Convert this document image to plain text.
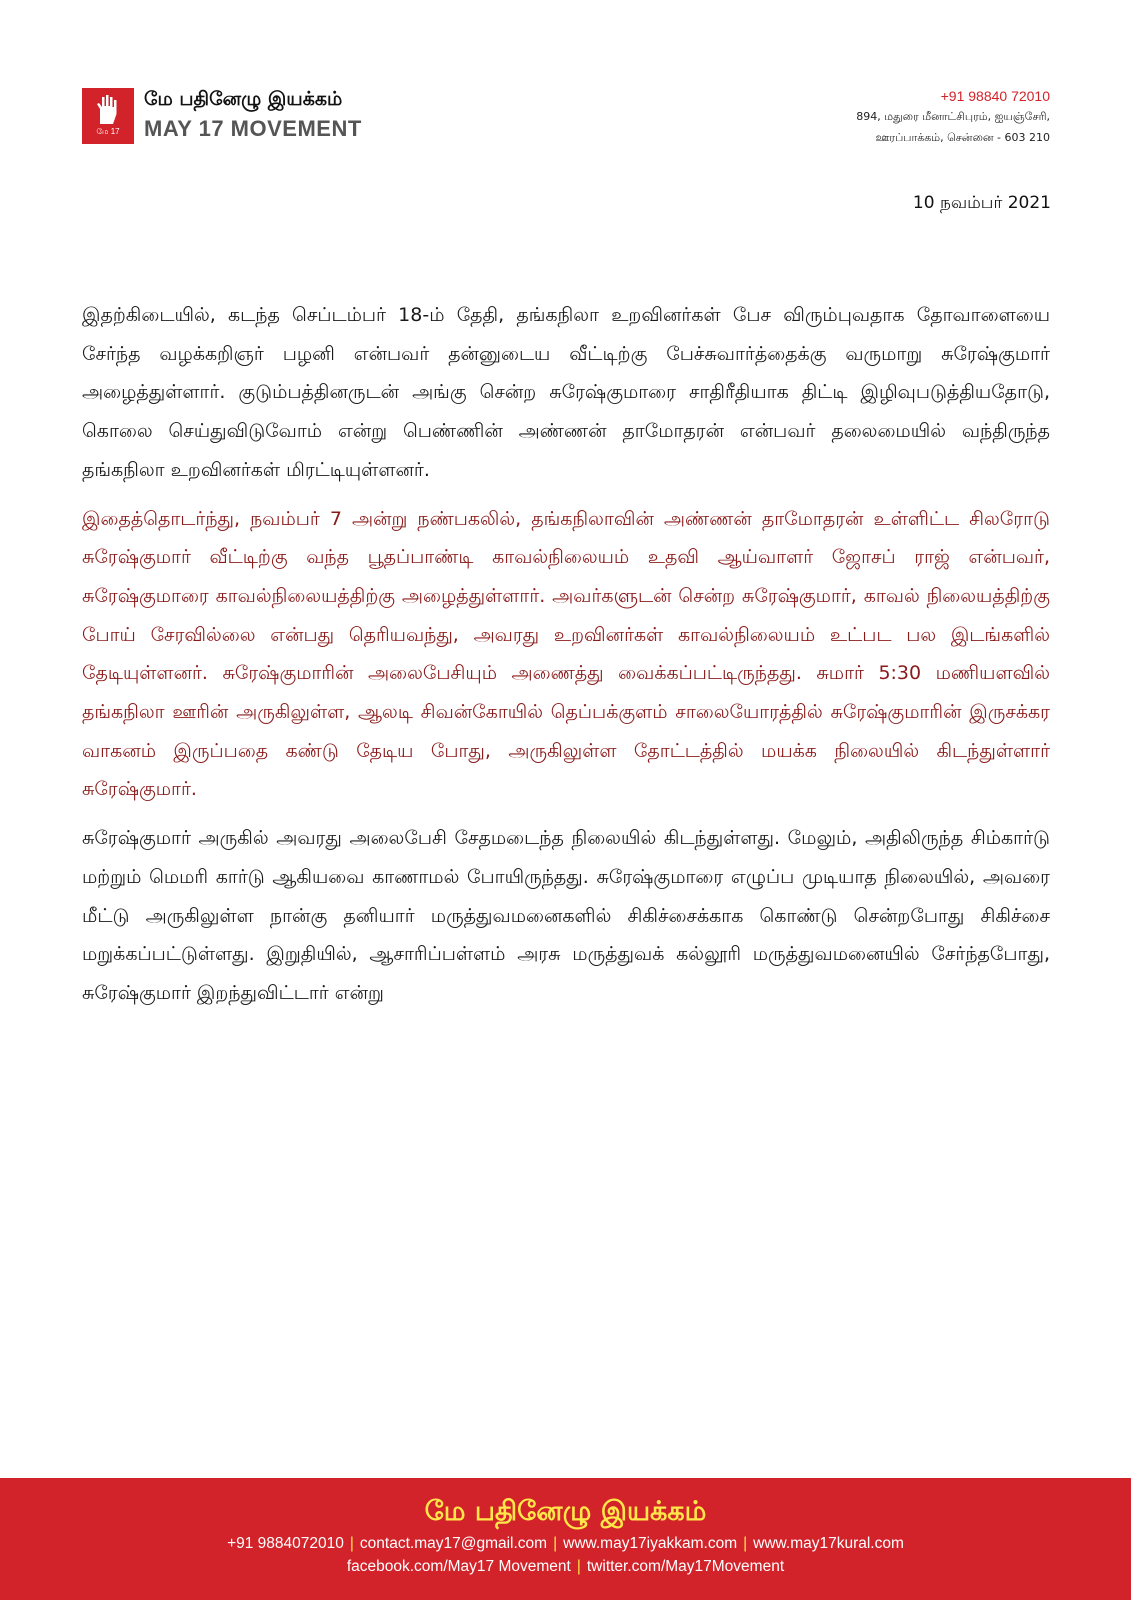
மே 17
மே பதினேழு இயக்கம்
MAY 17 MOVEMENT
+91 98840 72010
894, மதுரை மீனாட்சிபுரம், ஐயஞ்சேரி,
ஊரப்பாக்கம், சென்னை - 603 210
10 நவம்பர் 2021

இதற்கிடையில், கடந்த செப்டம்பர் 18-ம் தேதி, தங்கநிலா உறவினர்கள் பேச விரும்புவதாக தோவாளையை சேர்ந்த வழக்கறிஞர் பழனி என்பவர் தன்னுடைய வீட்டிற்கு பேச்சுவார்த்தைக்கு வருமாறு சுரேஷ்குமார் அழைத்துள்ளார். குடும்பத்தினருடன் அங்கு சென்ற சுரேஷ்குமாரை சாதிரீதியாக திட்டி இழிவுபடுத்தியதோடு, கொலை செய்துவிடுவோம் என்று பெண்ணின் அண்ணன் தாமோதரன் என்பவர் தலைமையில் வந்திருந்த தங்கநிலா உறவினர்கள் மிரட்டியுள்ளனர்.

இதைத்தொடர்ந்து, நவம்பர் 7 அன்று நண்பகலில், தங்கநிலாவின் அண்ணன் தாமோதரன் உள்ளிட்ட சிலரோடு சுரேஷ்குமார் வீட்டிற்கு வந்த பூதப்பாண்டி காவல்நிலையம் உதவி ஆய்வாளர் ஜோசப் ராஜ் என்பவர், சுரேஷ்குமாரை காவல்நிலையத்திற்கு அழைத்துள்ளார். அவர்களுடன் சென்ற சுரேஷ்குமார், காவல் நிலையத்திற்கு போய் சேரவில்லை என்பது தெரியவந்து, அவரது உறவினர்கள் காவல்நிலையம் உட்பட பல இடங்களில் தேடியுள்ளனர். சுரேஷ்குமாரின் அலைபேசியும் அணைத்து வைக்கப்பட்டிருந்தது. சுமார் 5:30 மணியளவில் தங்கநிலா ஊரின் அருகிலுள்ள, ஆலடி சிவன்கோயில் தெப்பக்குளம் சாலையோரத்தில் சுரேஷ்குமாரின் இருசக்கர வாகனம் இருப்பதை கண்டு தேடிய போது, அருகிலுள்ள தோட்டத்தில் மயக்க நிலையில் கிடந்துள்ளார் சுரேஷ்குமார்.

சுரேஷ்குமார் அருகில் அவரது அலைபேசி சேதமடைந்த நிலையில் கிடந்துள்ளது. மேலும், அதிலிருந்த சிம்கார்டு மற்றும் மெமரி கார்டு ஆகியவை காணாமல் போயிருந்தது. சுரேஷ்குமாரை எழுப்ப முடியாத நிலையில், அவரை மீட்டு அருகிலுள்ள நான்கு தனியார் மருத்துவமனைகளில் சிகிச்சைக்காக கொண்டு சென்றபோது சிகிச்சை மறுக்கப்பட்டுள்ளது. இறுதியில், ஆசாரிப்பள்ளம் அரசு மருத்துவக் கல்லூரி மருத்துவமனையில் சேர்ந்தபோது, சுரேஷ்குமார் இறந்துவிட்டார் என்று

மே பதினேழு இயக்கம்
+91 9884072010 | contact.may17@gmail.com | www.may17iyakkam.com | www.may17kural.com
facebook.com/May17 Movement | twitter.com/May17Movement
